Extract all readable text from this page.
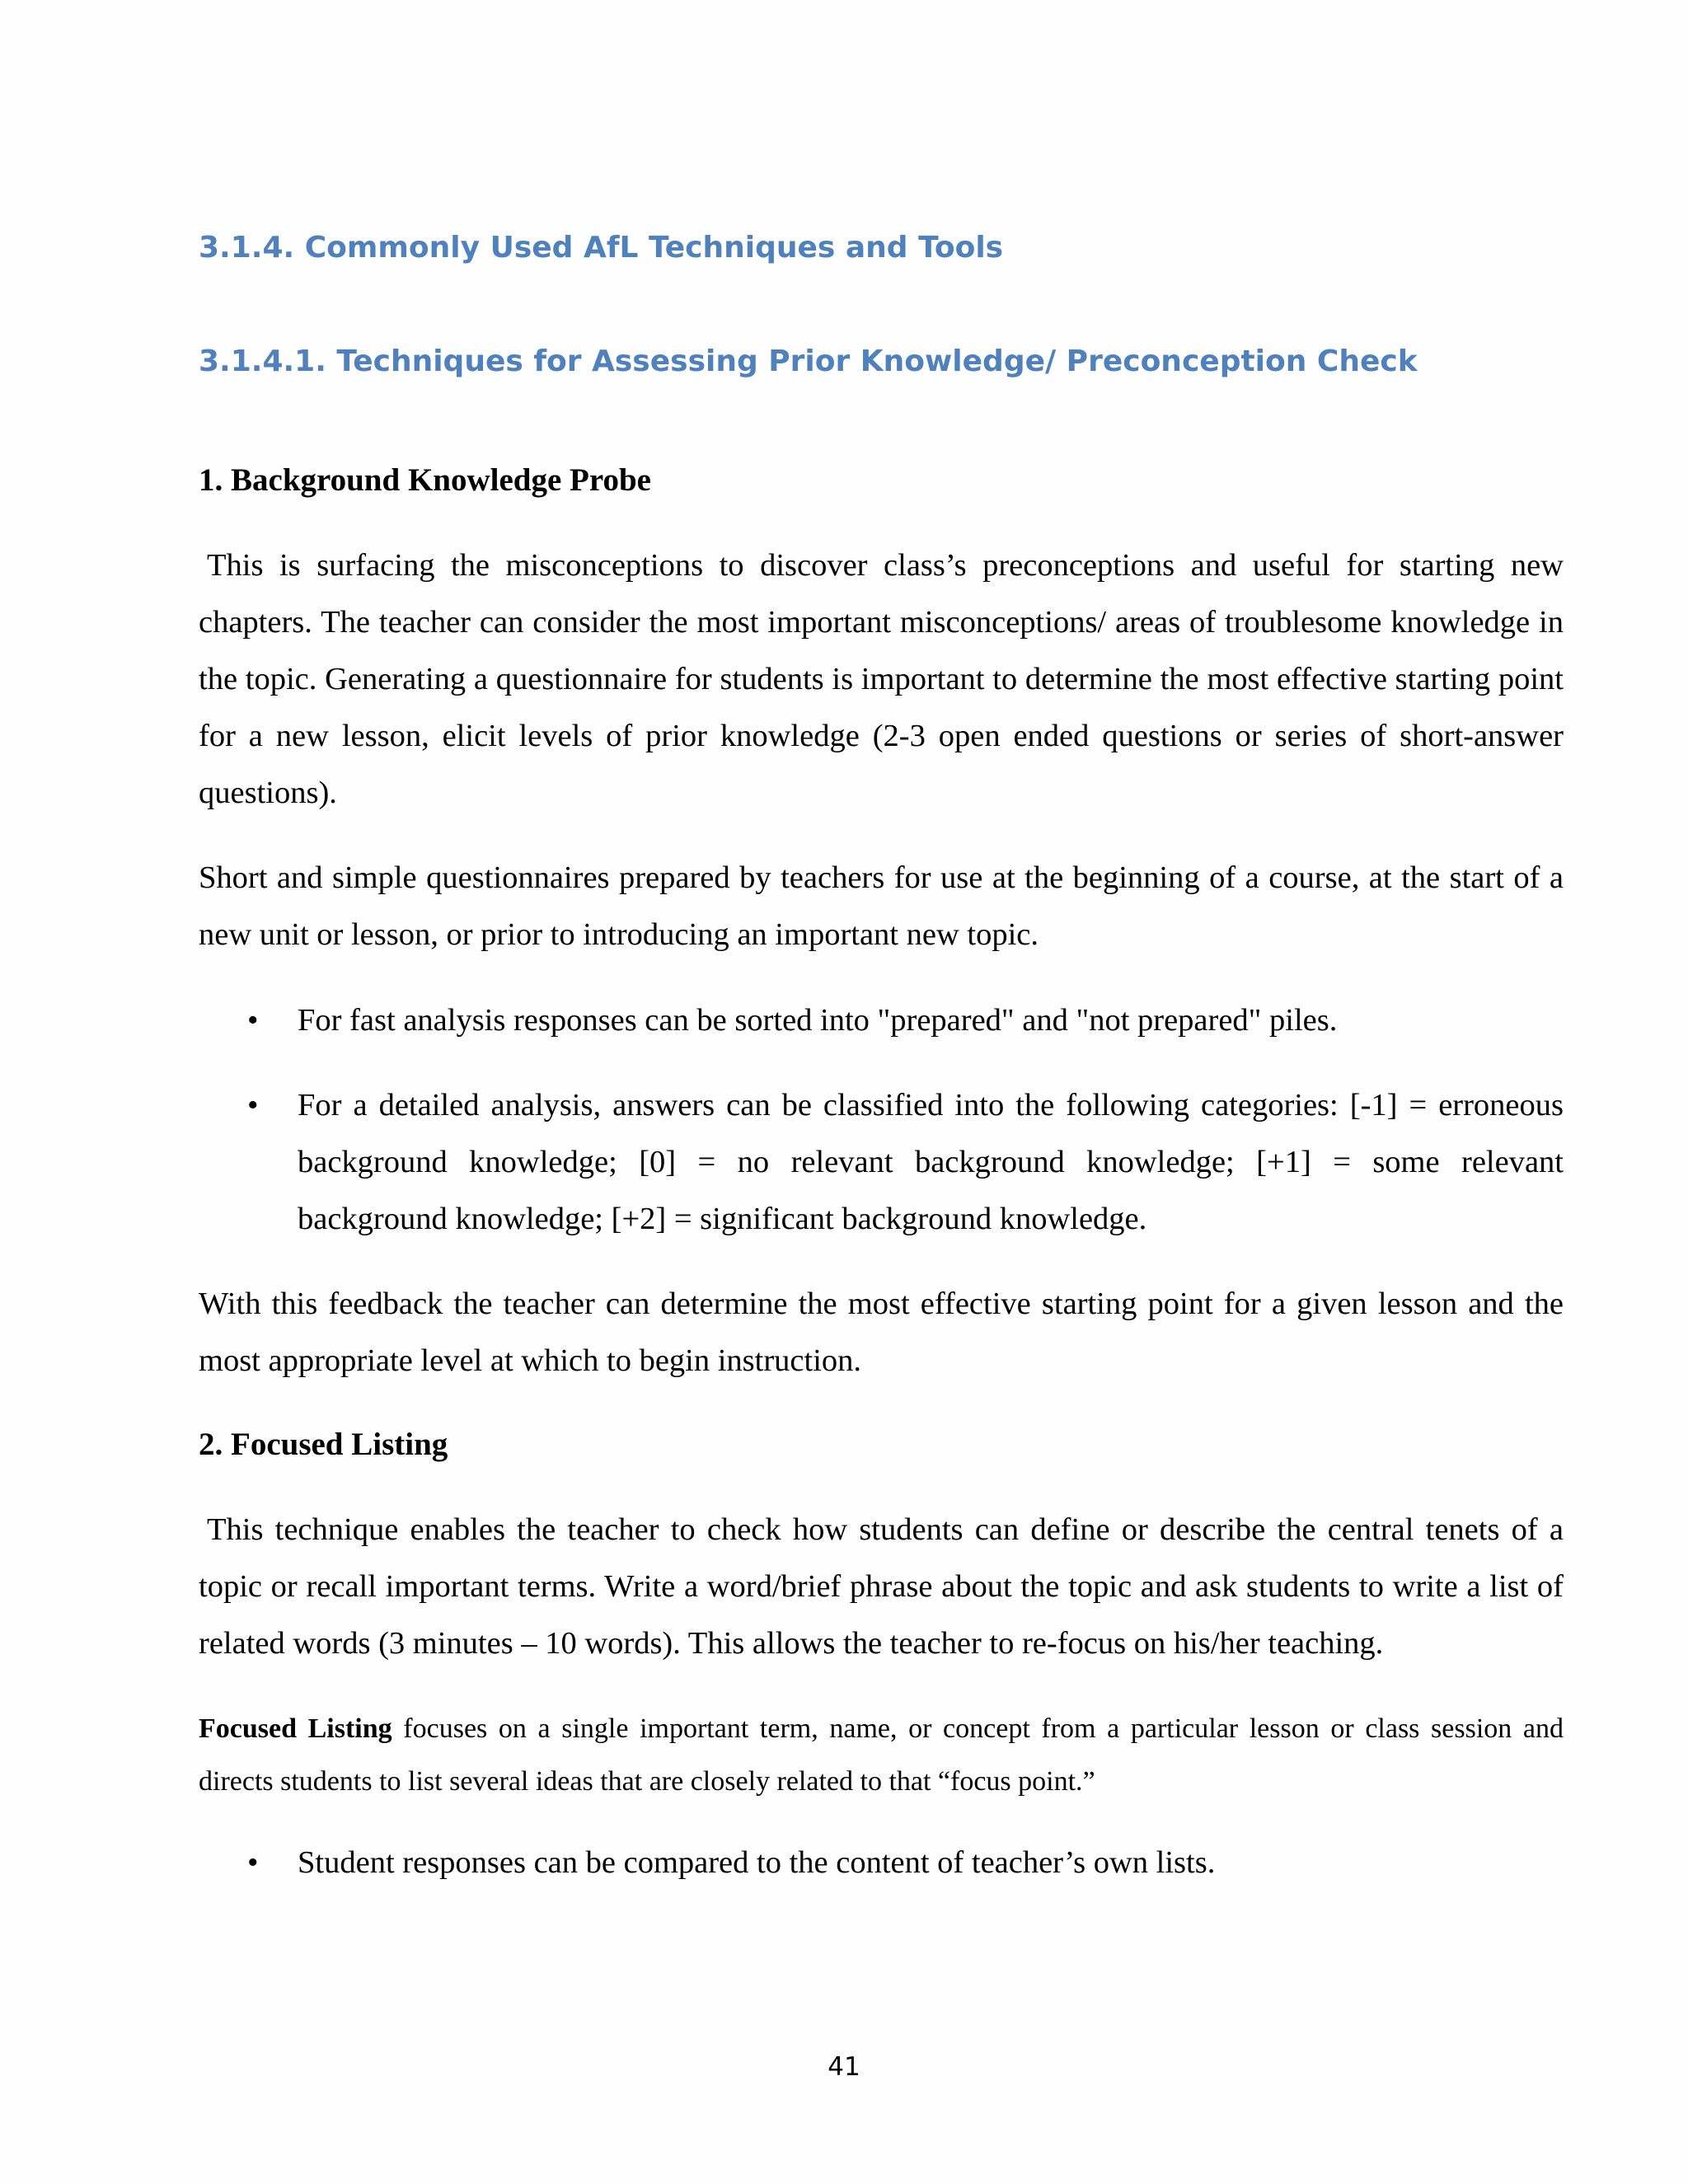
3.1.4. Commonly Used AfL Techniques and Tools
3.1.4.1. Techniques for Assessing Prior Knowledge/ Preconception Check
1. Background Knowledge Probe

This is surfacing the misconceptions to discover class’s preconceptions and useful for starting new chapters. The teacher can consider the most important misconceptions/ areas of troublesome knowledge in the topic. Generating a questionnaire for students is important to determine the most effective starting point for a new lesson, elicit levels of prior knowledge (2-3 open ended questions or series of short-answer questions).

Short and simple questionnaires prepared by teachers for use at the beginning of a course, at the start of a new unit or lesson, or prior to introducing an important new topic.

• For fast analysis responses can be sorted into "prepared" and "not prepared" piles.

• For a detailed analysis, answers can be classified into the following categories: [-1] = erroneous background knowledge; [0] = no relevant background knowledge; [+1] = some relevant background knowledge; [+2] = significant background knowledge.

With this feedback the teacher can determine the most effective starting point for a given lesson and the most appropriate level at which to begin instruction.

2. Focused Listing

This technique enables the teacher to check how students can define or describe the central tenets of a topic or recall important terms. Write a word/brief phrase about the topic and ask students to write a list of related words (3 minutes – 10 words). This allows the teacher to re-focus on his/her teaching.

Focused Listing focuses on a single important term, name, or concept from a particular lesson or class session and directs students to list several ideas that are closely related to that “focus point.”

• Student responses can be compared to the content of teacher’s own lists.

41
